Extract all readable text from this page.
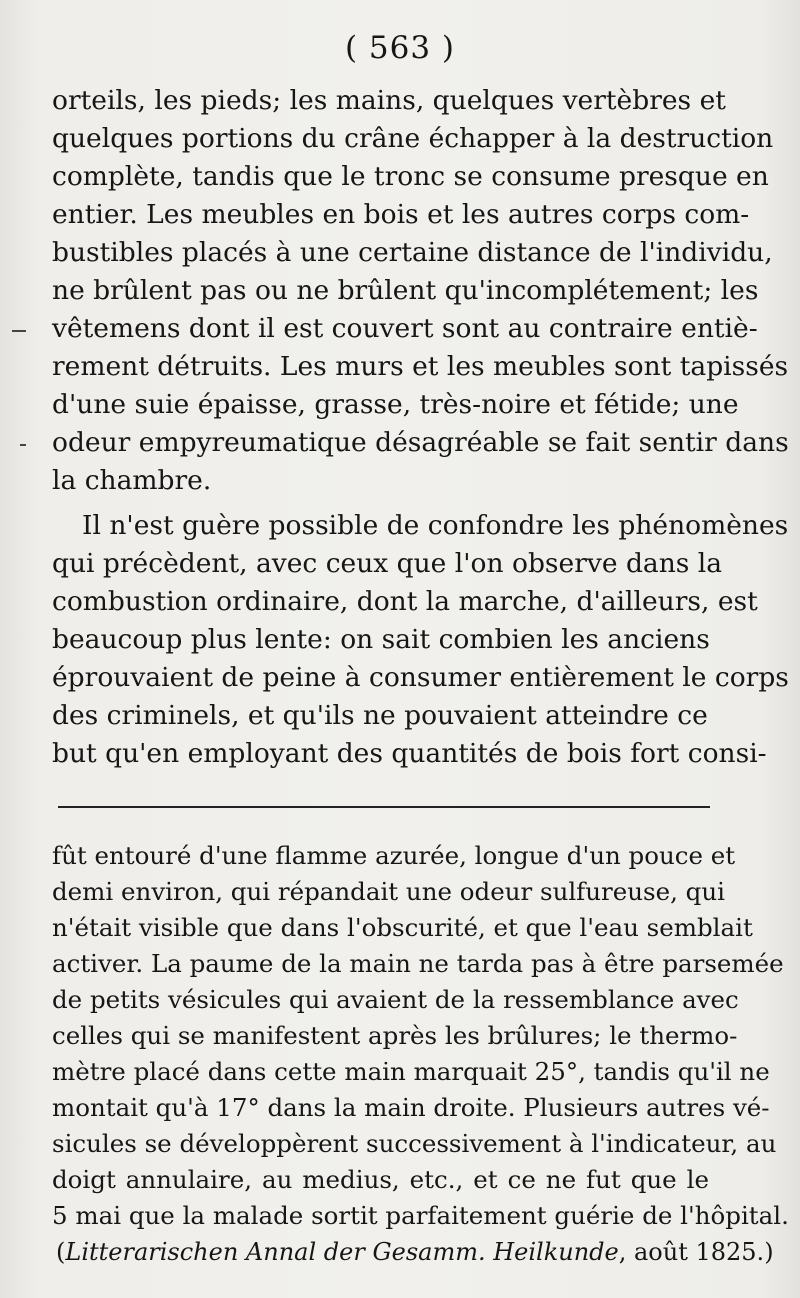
( 563 )
orteils, les pieds; les mains, quelques vertèbres et
quelques portions du crâne échapper à la destruction
complète, tandis que le tronc se consume presque en
entier. Les meubles en bois et les autres corps com-
bustibles placés à une certaine distance de l'individu,
ne brûlent pas ou ne brûlent qu'incomplétement; les
vêtemens dont il est couvert sont au contraire entiè-
rement détruits. Les murs et les meubles sont tapissés
d'une suie épaisse, grasse, très-noire et fétide; une
odeur empyreumatique désagréable se fait sentir dans
la chambre.
Il n'est guère possible de confondre les phénomènes
qui précèdent, avec ceux que l'on observe dans la
combustion ordinaire, dont la marche, d'ailleurs, est
beaucoup plus lente: on sait combien les anciens
éprouvaient de peine à consumer entièrement le corps
des criminels, et qu'ils ne pouvaient atteindre ce
but qu'en employant des quantités de bois fort consi-
fût entouré d'une flamme azurée, longue d'un pouce et
demi environ, qui répandait une odeur sulfureuse, qui
n'était visible que dans l'obscurité, et que l'eau semblait
activer. La paume de la main ne tarda pas à être parsemée
de petits vésicules qui avaient de la ressemblance avec
celles qui se manifestent après les brûlures; le thermo-
mètre placé dans cette main marquait 25°, tandis qu'il ne
montait qu'à 17° dans la main droite. Plusieurs autres vé-
sicules se développèrent successivement à l'indicateur, au
doigt annulaire, au medius, etc., et ce ne fut que le
5 mai que la malade sortit parfaitement guérie de l'hôpital.
(Litterarischen Annal der Gesamm. Heilkunde, août 1825.)
